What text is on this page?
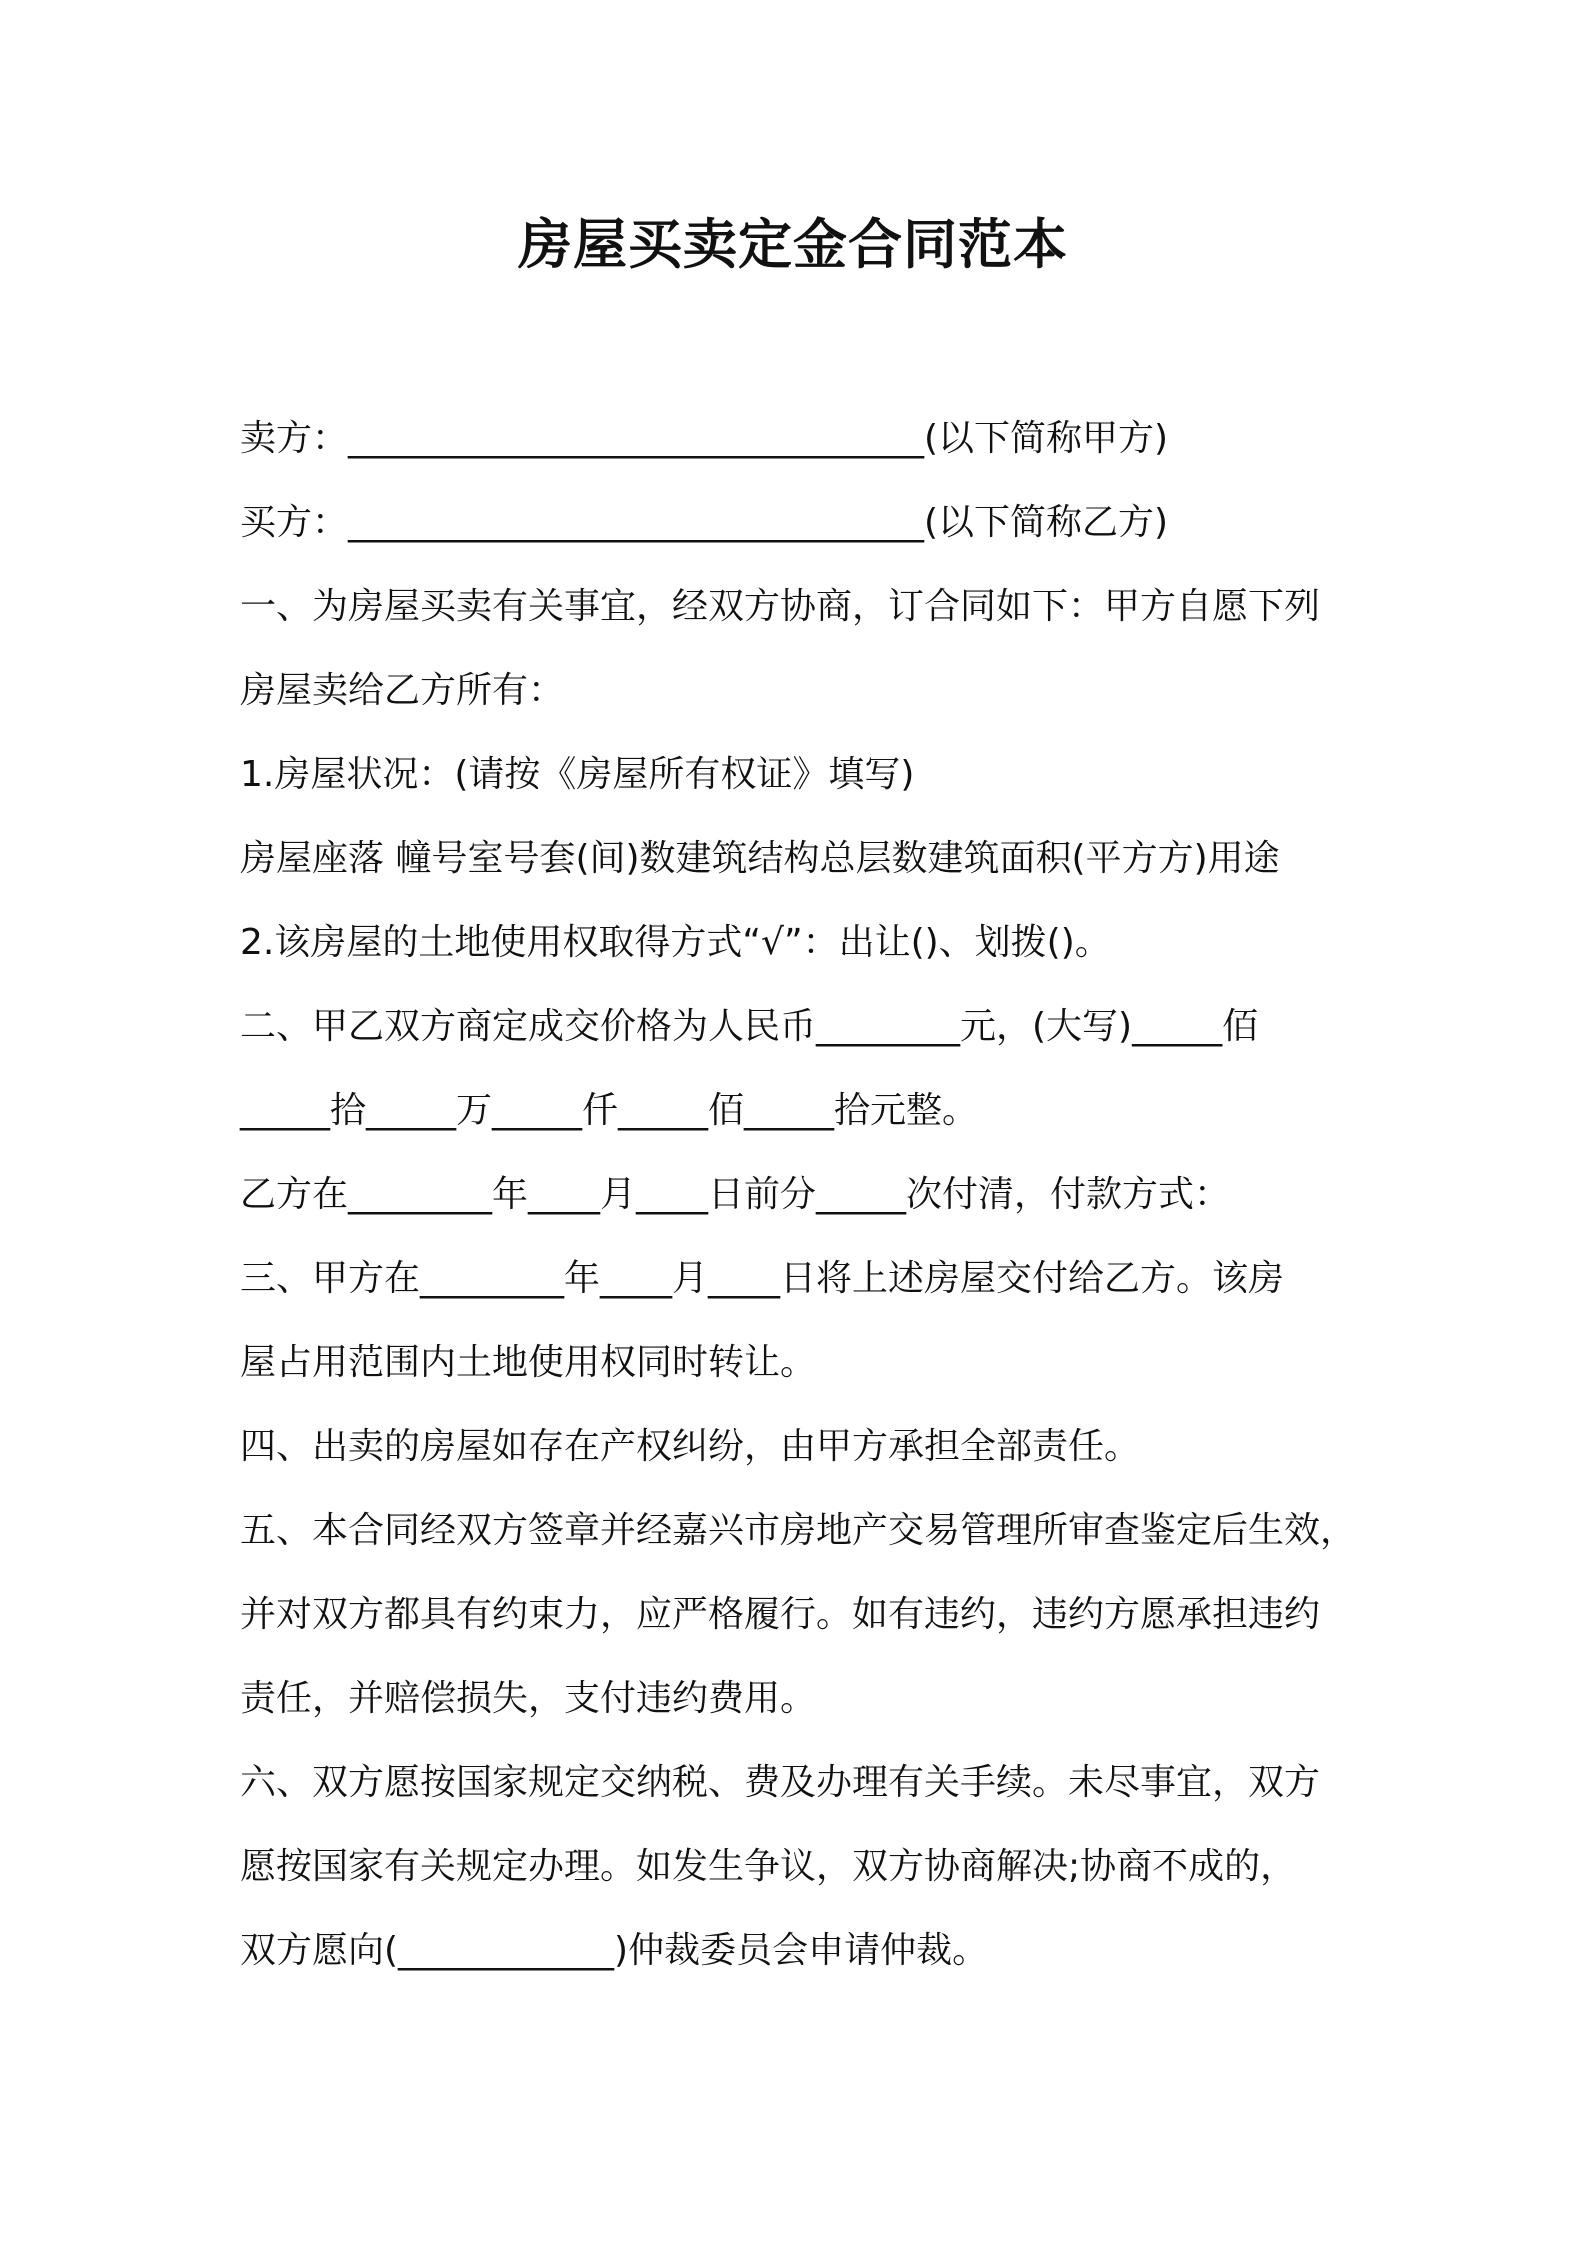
房屋买卖定金合同范本
卖方：________________________________(以下简称甲方)
买方：________________________________(以下简称乙方)
一、为房屋买卖有关事宜，经双方协商，订合同如下：甲方自愿下列
房屋卖给乙方所有：
1.房屋状况：(请按《房屋所有权证》填写)
房屋座落 幢号室号套(间)数建筑结构总层数建筑面积(平方方)用途
2.该房屋的土地使用权取得方式“√”：出让()、划拨()。
二、甲乙双方商定成交价格为人民币________元，(大写)_____佰
_____拾_____万_____仟_____佰_____拾元整。
乙方在________年____月____日前分_____次付清，付款方式：
三、甲方在________年____月____日将上述房屋交付给乙方。该房
屋占用范围内土地使用权同时转让。
四、出卖的房屋如存在产权纠纷，由甲方承担全部责任。
五、本合同经双方签章并经嘉兴市房地产交易管理所审查鉴定后生效，
并对双方都具有约束力，应严格履行。如有违约，违约方愿承担违约
责任，并赔偿损失，支付违约费用。
六、双方愿按国家规定交纳税、费及办理有关手续。未尽事宜，双方
愿按国家有关规定办理。如发生争议，双方协商解决;协商不成的，
双方愿向(____________)仲裁委员会申请仲裁。
